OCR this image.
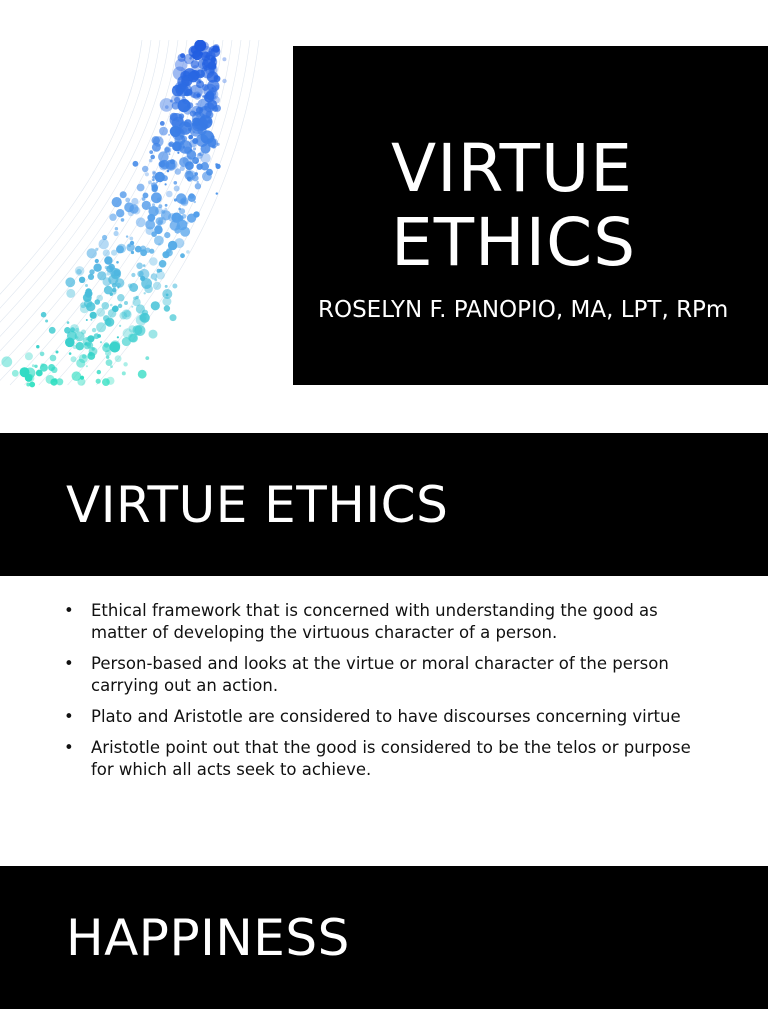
VIRTUE
ETHICS

ROSELYN F. PANOPIO, MA, LPT, RPm

VIRTUE ETHICS
• Ethical framework that is concerned with understanding the good as matter of developing the virtuous character of a person.
• Person-based and looks at the virtue or moral character of the person carrying out an action.
• Plato and Aristotle are considered to have discourses concerning virtue
• Aristotle point out that the good is considered to be the telos or purpose for which all acts seek to achieve.
HAPPINESS
